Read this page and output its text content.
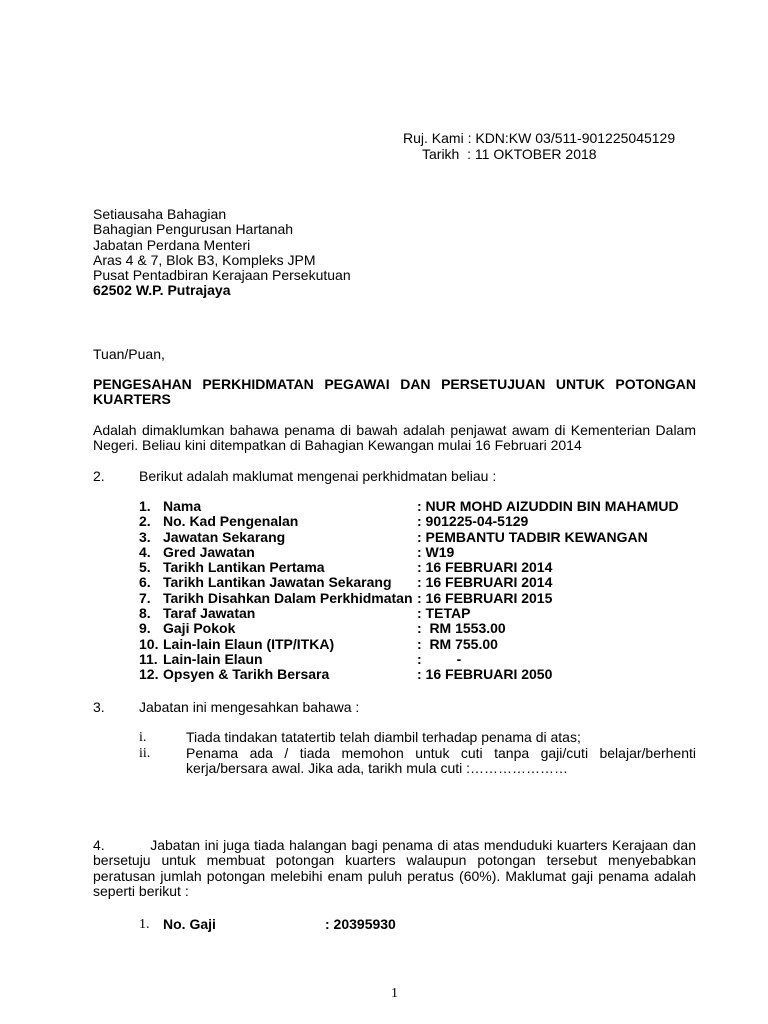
Ruj. Kami : KDN:KW 03/511-901225045129
Tarikh  : 11 OKTOBER 2018
Setiausaha Bahagian
Bahagian Pengurusan Hartanah
Jabatan Perdana Menteri
Aras 4 & 7, Blok B3, Kompleks JPM
Pusat Pentadbiran Kerajaan Persekutuan
62502 W.P. Putrajaya
Tuan/Puan,
PENGESAHAN PERKHIDMATAN PEGAWAI DAN PERSETUJUAN UNTUK POTONGAN
KUARTERS
Adalah dimaklumkan bahawa penama di bawah adalah penjawat awam di Kementerian Dalam
Negeri. Beliau kini ditempatkan di Bahagian Kewangan mulai 16 Februari 2014
2. Berikut adalah maklumat mengenai perkhidmatan beliau :
1. Nama	: NUR MOHD AIZUDDIN BIN MAHAMUD
2. No. Kad Pengenalan	: 901225-04-5129
3. Jawatan Sekarang	: PEMBANTU TADBIR KEWANGAN
4. Gred Jawatan	: W19
5. Tarikh Lantikan Pertama	: 16 FEBRUARI 2014
6. Tarikh Lantikan Jawatan Sekarang : 16 FEBRUARI 2014
7. Tarikh Disahkan Dalam Perkhidmatan : 16 FEBRUARI 2015
8. Taraf Jawatan	: TETAP
9. Gaji Pokok	:  RM 1553.00
10. Lain-lain Elaun (ITP/ITKA)	:  RM 755.00
11. Lain-lain Elaun	:         -
12. Opsyen & Tarikh Bersara	: 16 FEBRUARI 2050
3. Jabatan ini mengesahkan bahawa :
i.	Tiada tindakan tatatertib telah diambil terhadap penama di atas;
ii.	Penama ada / tiada memohon untuk cuti tanpa gaji/cuti belajar/berhenti
kerja/bersara awal. Jika ada, tarikh mula cuti :…………………
4.          Jabatan ini juga tiada halangan bagi penama di atas menduduki kuarters Kerajaan dan
bersetuju untuk membuat potongan kuarters walaupun potongan tersebut menyebabkan
peratusan jumlah potongan melebihi enam puluh peratus (60%). Maklumat gaji penama adalah
seperti berikut :
1. No. Gaji	: 20395930
1
